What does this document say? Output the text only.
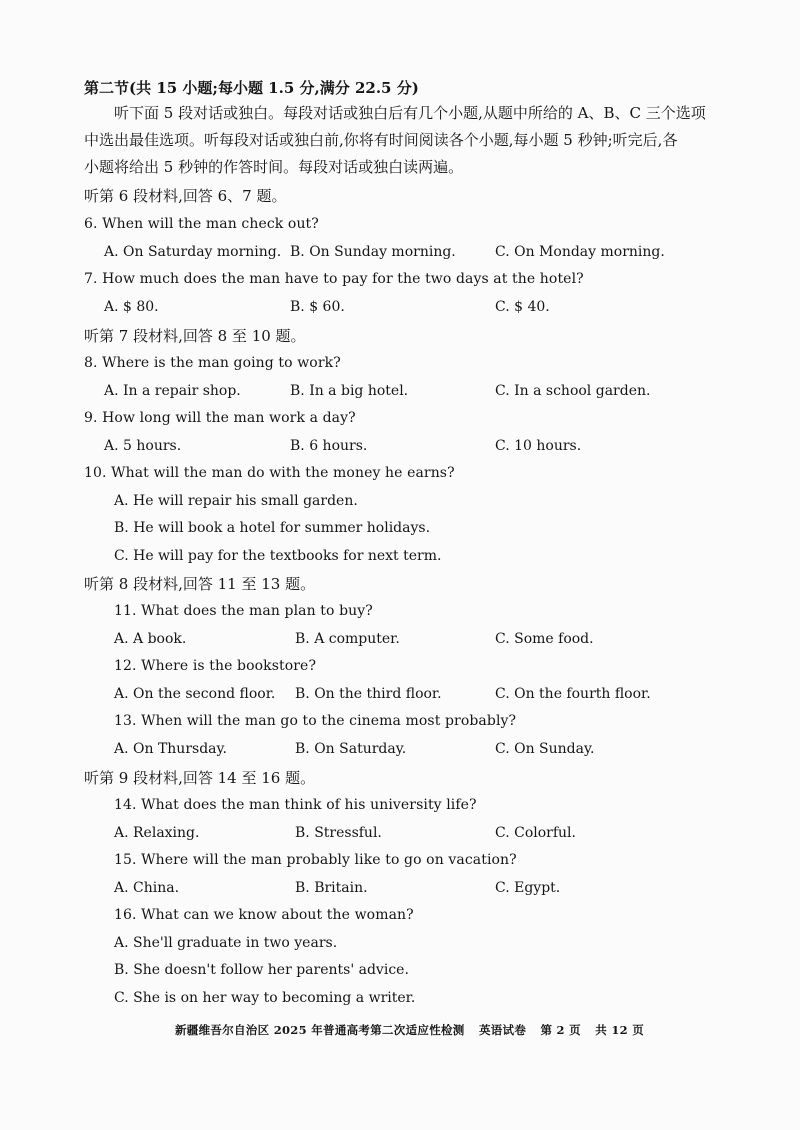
第二节(共 15 小题;每小题 1.5 分,满分 22.5 分)
听下面 5 段对话或独白。每段对话或独白后有几个小题,从题中所给的 A、B、C 三个选项
中选出最佳选项。听每段对话或独白前,你将有时间阅读各个小题,每小题 5 秒钟;听完后,各
小题将给出 5 秒钟的作答时间。每段对话或独白读两遍。
听第 6 段材料,回答 6、7 题。
6. When will the man check out?
A. On Saturday morning. B. On Sunday morning.	C. On Monday morning.
7. How much does the man have to pay for the two days at the hotel?
A. $ 80.	B. $ 60.	C. $ 40.
听第 7 段材料,回答 8 至 10 题。
8. Where is the man going to work?
A. In a repair shop.	B. In a big hotel.	C. In a school garden.
9. How long will the man work a day?
A. 5 hours.	B. 6 hours.	C. 10 hours.
10. What will the man do with the money he earns?
A. He will repair his small garden.
B. He will book a hotel for summer holidays.
C. He will pay for the textbooks for next term.
听第 8 段材料,回答 11 至 13 题。
11. What does the man plan to buy?
A. A book.	B. A computer.	C. Some food.
12. Where is the bookstore?
A. On the second floor. B. On the third floor.	C. On the fourth floor.
13. When will the man go to the cinema most probably?
A. On Thursday.	B. On Saturday.	C. On Sunday.
听第 9 段材料,回答 14 至 16 题。
14. What does the man think of his university life?
A. Relaxing.	B. Stressful.	C. Colorful.
15. Where will the man probably like to go on vacation?
A. China.	B. Britain.	C. Egypt.
16. What can we know about the woman?
A. She'll graduate in two years.
B. She doesn't follow her parents' advice.
C. She is on her way to becoming a writer.
新疆维吾尔自治区 2025 年普通高考第二次适应性检测 英语试卷 第 2 页 共 12 页
